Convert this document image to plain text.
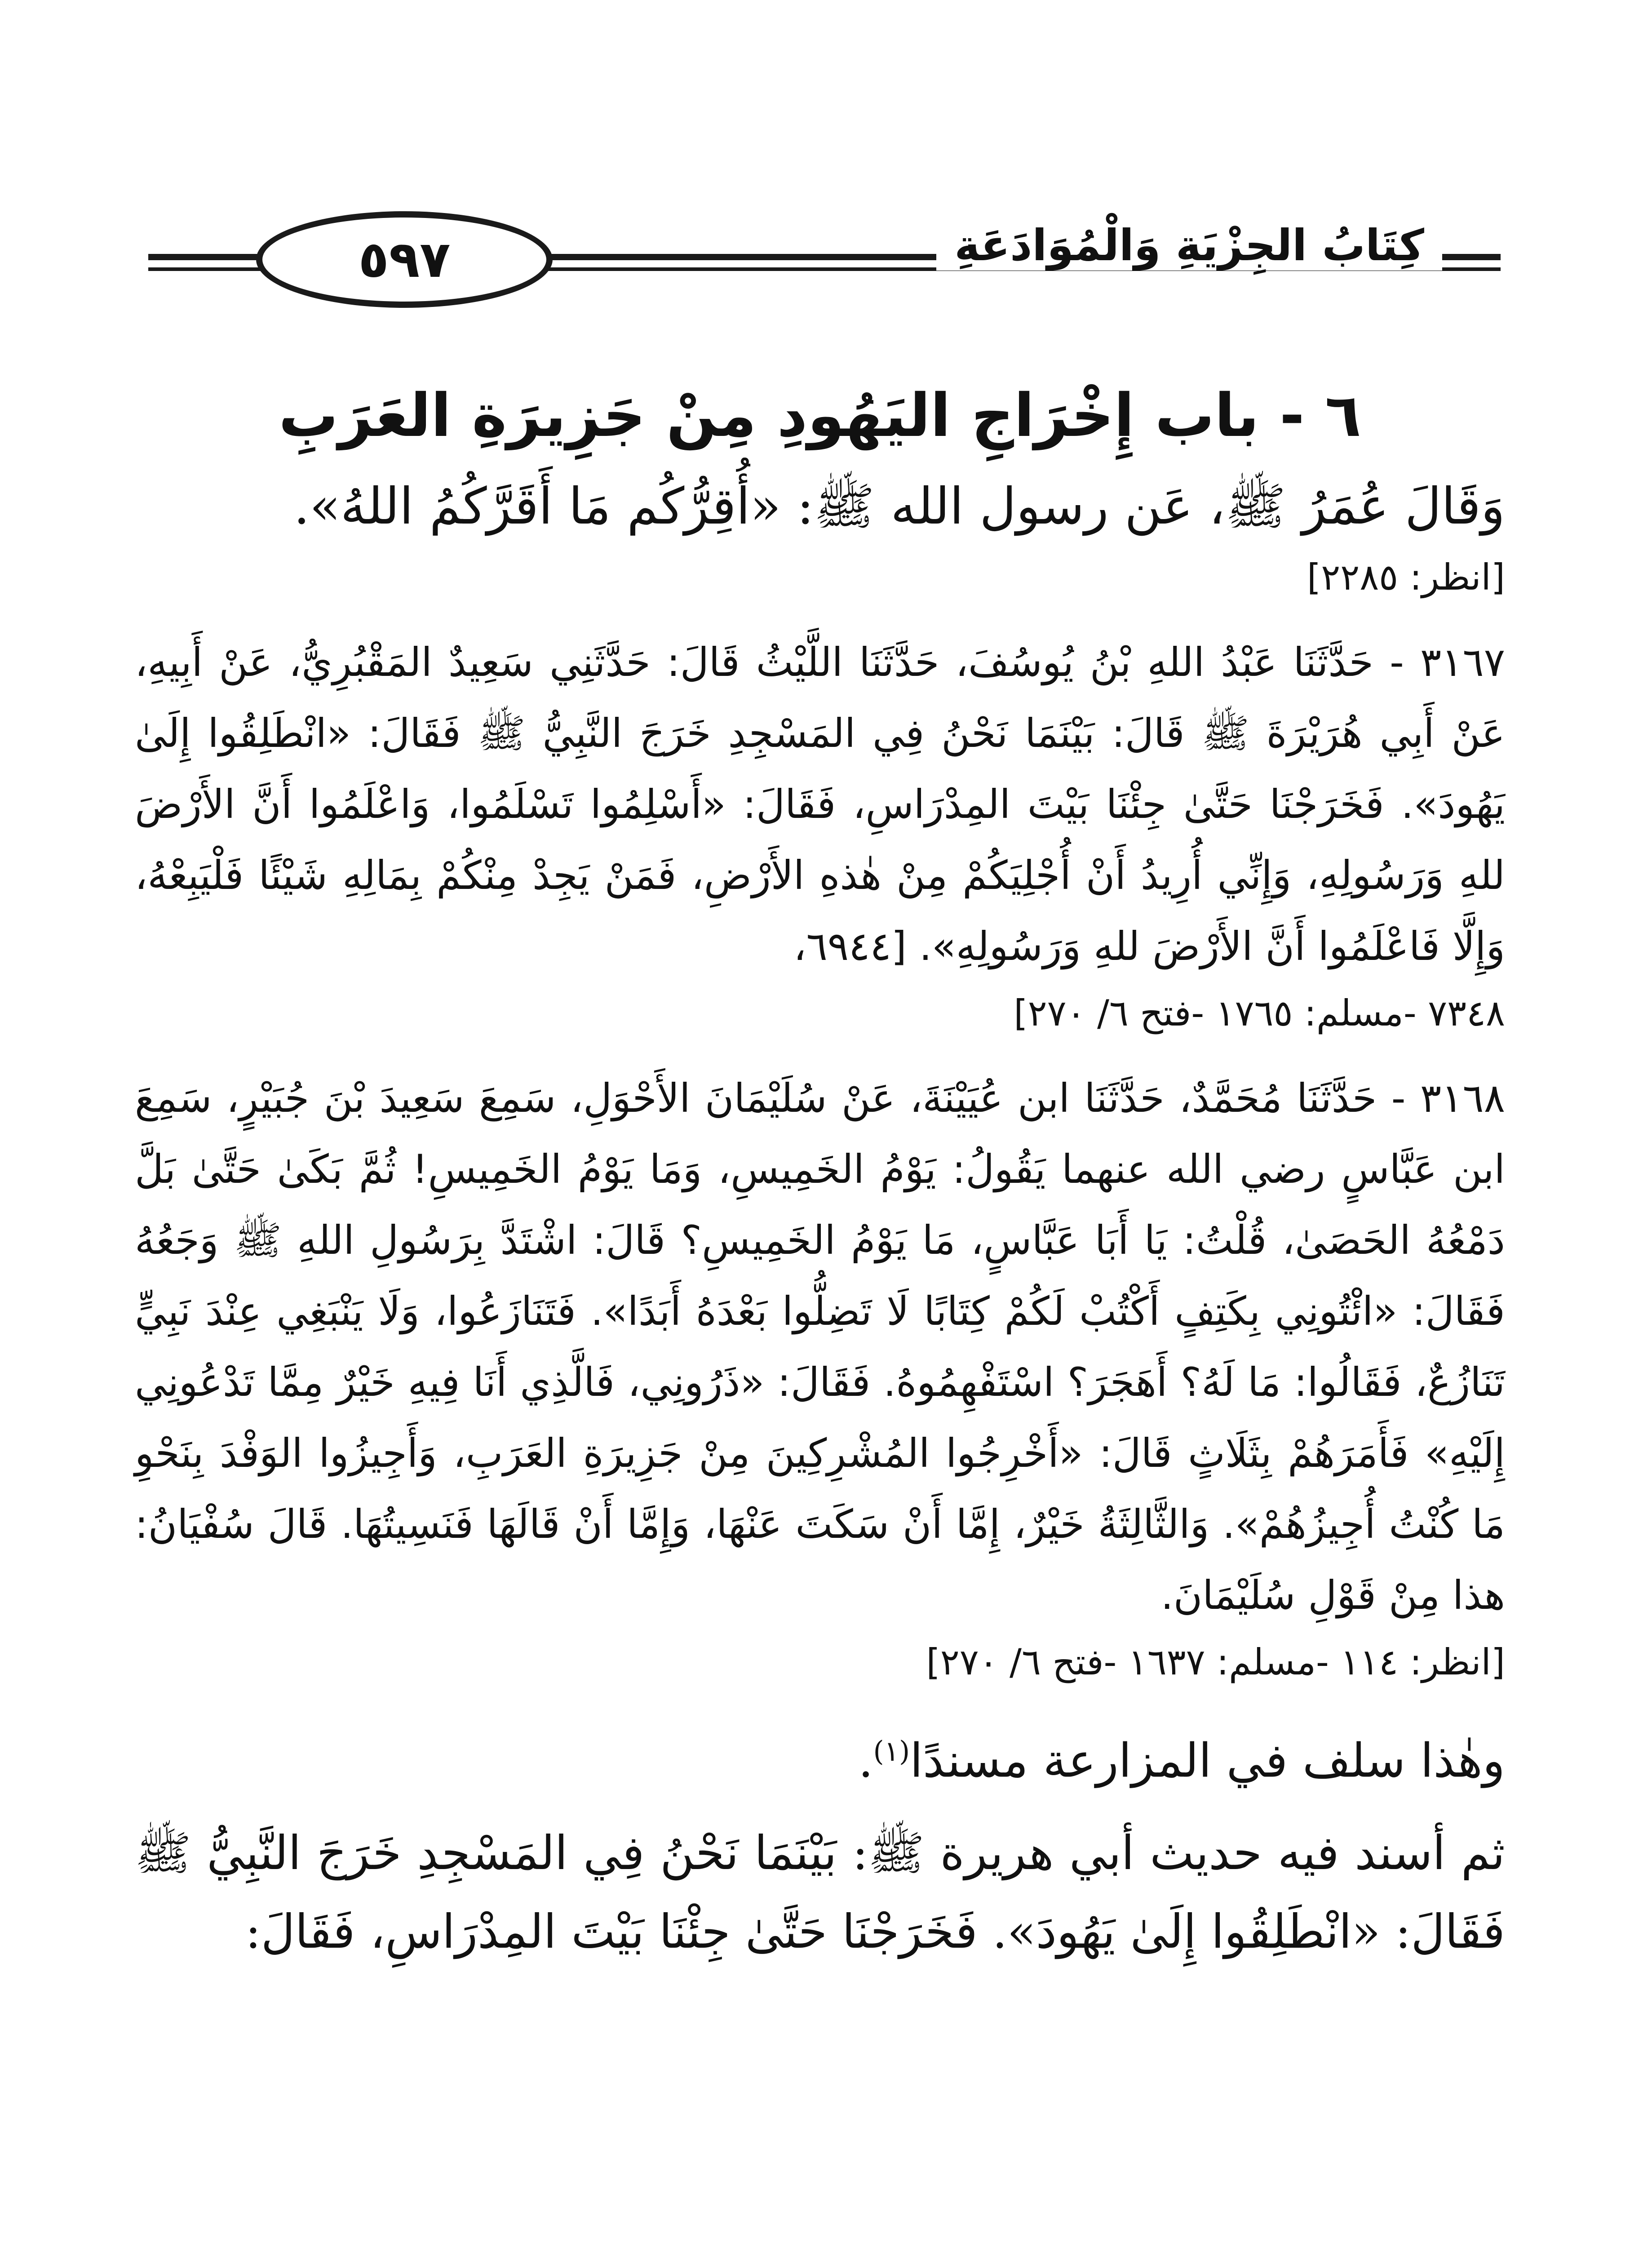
كِتَابُ الجِزْيَةِ وَالْمُوَادَعَةِ
٥٩٧
٦ - باب إِخْرَاجِ اليَهُودِ مِنْ جَزِيرَةِ العَرَبِ

وَقَالَ عُمَرُ ﷺ، عَن رسول الله ﷺ: «أُقِرُّكُم مَا أَقَرَّكُمُ اللهُ».

[انظر: ٢٢٨٥]

٣١٦٧ - حَدَّثَنَا عَبْدُ اللهِ بْنُ يُوسُفَ، حَدَّثَنَا اللَّيْثُ قَالَ: حَدَّثَنِي سَعِيدٌ المَقْبُرِيُّ، عَنْ أَبِيهِ، عَنْ أَبِي هُرَيْرَةَ ﷺ قَالَ: بَيْنَمَا نَحْنُ فِي المَسْجِدِ خَرَجَ النَّبِيُّ ﷺ فَقَالَ: «انْطَلِقُوا إِلَىٰ يَهُودَ». فَخَرَجْنَا حَتَّىٰ جِئْنَا بَيْتَ المِدْرَاسِ، فَقَالَ: «أَسْلِمُوا تَسْلَمُوا، وَاعْلَمُوا أَنَّ الأَرْضَ للهِ وَرَسُولِهِ، وَإِنِّي أُرِيدُ أَنْ أُجْلِيَكُمْ مِنْ هٰذهِ الأَرْضِ، فَمَنْ يَجِدْ مِنْكُمْ بِمَالِهِ شَيْئًا فَلْيَبِعْهُ، وَإِلَّا فَاعْلَمُوا أَنَّ الأَرْضَ للهِ وَرَسُولِهِ». [٦٩٤٤،

٧٣٤٨ -مسلم: ١٧٦٥ -فتح ٦/ ٢٧٠]

٣١٦٨ - حَدَّثَنَا مُحَمَّدٌ، حَدَّثَنَا ابن عُيَيْنَةَ، عَنْ سُلَيْمَانَ الأَحْوَلِ، سَمِعَ سَعِيدَ بْنَ جُبَيْرٍ، سَمِعَ ابن عَبَّاسٍ رضي الله عنهما يَقُولُ: يَوْمُ الخَمِيسِ، وَمَا يَوْمُ الخَمِيسِ! ثُمَّ بَكَىٰ حَتَّىٰ بَلَّ دَمْعُهُ الحَصَىٰ، قُلْتُ: يَا أَبَا عَبَّاسٍ، مَا يَوْمُ الخَمِيسِ؟ قَالَ: اشْتَدَّ بِرَسُولِ اللهِ ﷺ وَجَعُهُ فَقَالَ: «ائْتُونِي بِكَتِفٍ أَكْتُبْ لَكُمْ كِتَابًا لَا تَضِلُّوا بَعْدَهُ أَبَدًا». فَتَنَازَعُوا، وَلَا يَنْبَغِي عِنْدَ نَبِيٍّ تَنَازُعٌ، فَقَالُوا: مَا لَهُ؟ أَهَجَرَ؟ اسْتَفْهِمُوهُ. فَقَالَ: «ذَرُونِي، فَالَّذِي أَنَا فِيهِ خَيْرٌ مِمَّا تَدْعُونِي إِلَيْهِ» فَأَمَرَهُمْ بِثَلَاثٍ قَالَ: «أَخْرِجُوا المُشْرِكِينَ مِنْ جَزِيرَةِ العَرَبِ، وَأَجِيزُوا الوَفْدَ بِنَحْوِ مَا كُنْتُ أُجِيزُهُمْ». وَالثَّالِثَةُ خَيْرٌ، إِمَّا أَنْ سَكَتَ عَنْهَا، وَإِمَّا أَنْ قَالَهَا فَنَسِيتُهَا. قَالَ سُفْيَانُ: هذا مِنْ قَوْلِ سُلَيْمَانَ.

[انظر: ١١٤ -مسلم: ١٦٣٧ -فتح ٦/ ٢٧٠]

وهٰذا سلف في المزارعة مسندًا$^{(١)}$.

ثم أسند فيه حديث أبي هريرة ﷺ: بَيْنَمَا نَحْنُ فِي المَسْجِدِ خَرَجَ النَّبِيُّ ﷺ فَقَالَ: «انْطَلِقُوا إِلَىٰ يَهُودَ». فَخَرَجْنَا حَتَّىٰ جِئْنَا بَيْتَ المِدْرَاسِ، فَقَالَ:
